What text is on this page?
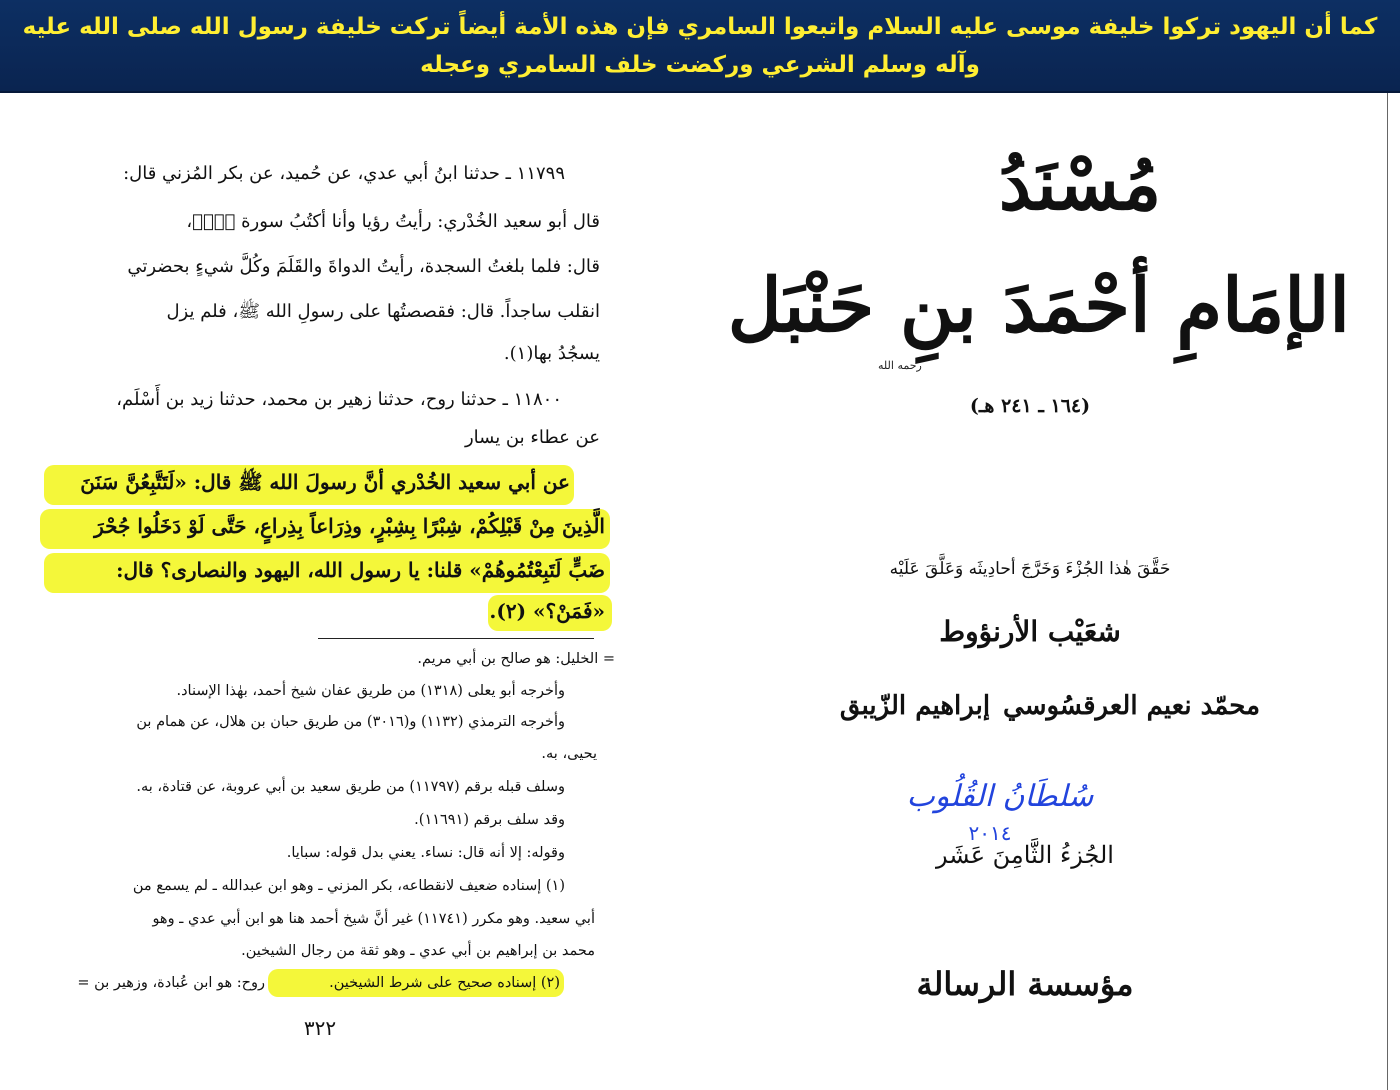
كما أن اليهود تركوا خليفة موسى عليه السلام واتبعوا السامري فإن هذه الأمة أيضاً تركت خليفة رسول الله صلى الله عليه
وآله وسلم الشرعي وركضت خلف السامري وعجله
١١٧٩٩ ـ حدثنا ابنُ أبي عدي، عن حُميد، عن بكر المُزني قال:
قال أبو سعيد الخُدْري: رأيتُ رؤيا وأنا أكتُبُ سورة ﴿صۤ﴾،
قال: فلما بلغتُ السجدة، رأيتُ الدواةَ والقَلَمَ وكُلَّ شيءٍ بحضرتي
انقلب ساجداً. قال: فقصصتُها على رسولِ الله ﷺ، فلم يزل
يسجُدُ بها(١).
١١٨٠٠ ـ حدثنا روح، حدثنا زهير بن محمد، حدثنا زيد بن أَسْلَم،
عن عطاء بن يسار
عن أبي سعيد الخُدْري أنَّ رسولَ الله ﷺ قال: «لَتَتَّبِعُنَّ سَنَنَ
الَّذِينَ مِنْ قَبْلِكُمْ، شِبْرًا بِشِبْرٍ، وذِرَاعاً بِذِراعٍ، حَتَّى لَوْ دَخَلُوا جُحْرَ
ضَبٍّ لَتَبِعْتُمُوهُمْ» قلنا: يا رسول الله، اليهود والنصارى؟ قال:
«فَمَنْ؟» (٢).
= الخليل: هو صالح بن أبي مريم.
وأخرجه أبو يعلى (١٣١٨) من طريق عفان شيخ أحمد، بهٰذا الإسناد.
وأخرجه الترمذي (١١٣٢) و(٣٠١٦) من طريق حبان بن هلال، عن همام بن
يحيى، به.
وسلف قبله برقم (١١٧٩٧) من طريق سعيد بن أبي عروبة، عن قتادة، به.
وقد سلف برقم (١١٦٩١).
وقوله: إلا أنه قال: نساء. يعني بدل قوله: سبايا.
(١) إسناده ضعيف لانقطاعه، بكر المزني ـ وهو ابن عبدالله ـ لم يسمع من
أبي سعيد. وهو مكرر (١١٧٤١) غير أنَّ شيخ أحمد هنا هو ابن أبي عدي ـ وهو
محمد بن إبراهيم بن أبي عدي ـ وهو ثقة من رجال الشيخين.
(٢) إسناده صحيح على شرط الشيخين.
روح: هو ابن عُبادة، وزهير بن =
٣٢٢
مُسْنَدُ
الإمَامِ أحْمَدَ بنِ حَنْبَل
رحمه الله
(١٦٤ ـ ٢٤١ هـ)
حَقَّقَ هٰذا الجُزْءَ وَخَرَّجَ أحادِيثَه وَعَلَّقَ عَلَيْه
شعَيْب الأرنؤوط
محمّد نعيم العرقسُوسي
إبراهيم الزّيبق
سُلطَانُ القُلُوب
٢٠١٤
الجُزءُ الثَّامِنَ عَشَر
مؤسسة الرسالة
